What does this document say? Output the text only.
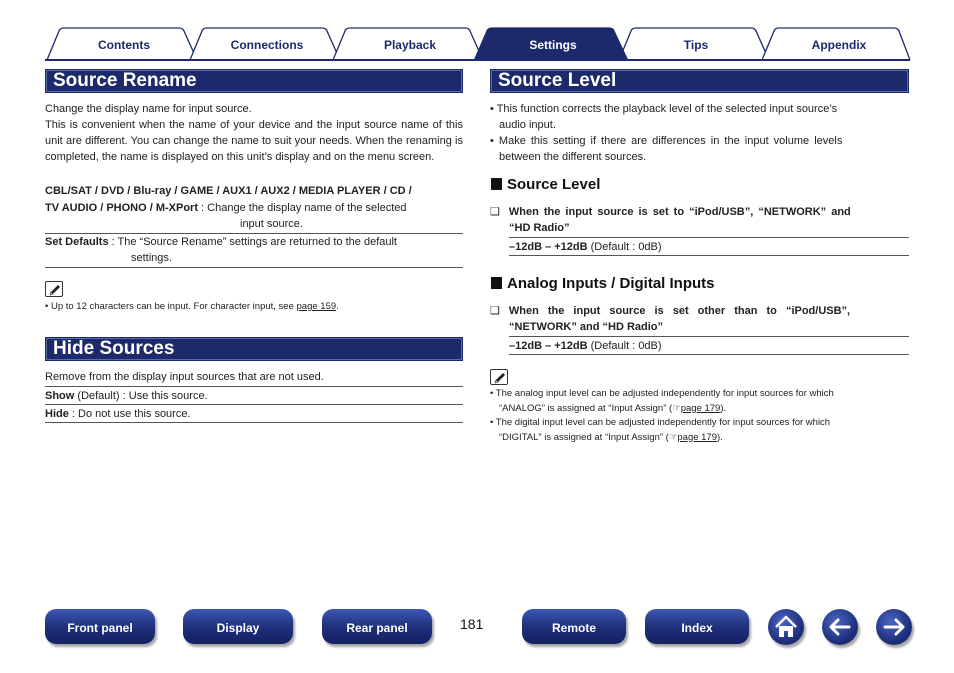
Contents	Connections	Playback	Tips	Appendix
Settings
Source Rename
Change the display name for input source.
This is convenient when the name of your device and the input source name of this unit are different. You can change the name to suit your needs. When the renaming is completed, the name is displayed on this unit’s display and on the menu screen.
CBL/SAT / DVD / Blu-ray / GAME / AUX1 / AUX2 / MEDIA PLAYER / CD /
TV AUDIO / PHONO / M-XPort : Change the display name of the selected
input source.
Set Defaults : The “Source Rename” settings are returned to the default
settings.
• Up to 12 characters can be input. For character input, see page 159.
Hide Sources
Remove from the display input sources that are not used.
Show (Default) : Use this source.
Hide : Do not use this source.
Source Level
• This function corrects the playback level of the selected input source’s
audio input.
• Make this setting if there are differences in the input volume levels
between the different sources.
Source Level
❑ When the input source is set to “iPod/USB”, “NETWORK” and
“HD Radio”
–12dB – +12dB (Default : 0dB)
Analog Inputs / Digital Inputs
❑ When the input source is set other than to “iPod/USB”,
“NETWORK” and “HD Radio”
–12dB – +12dB (Default : 0dB)
• The analog input level can be adjusted independently for input sources for which
“ANALOG” is assigned at “Input Assign” (☞page 179).
• The digital input level can be adjusted independently for input sources for which
“DIGITAL” is assigned at “Input Assign” (☞page 179).
Front panel	Display	Rear panel	181	Remote	Index
